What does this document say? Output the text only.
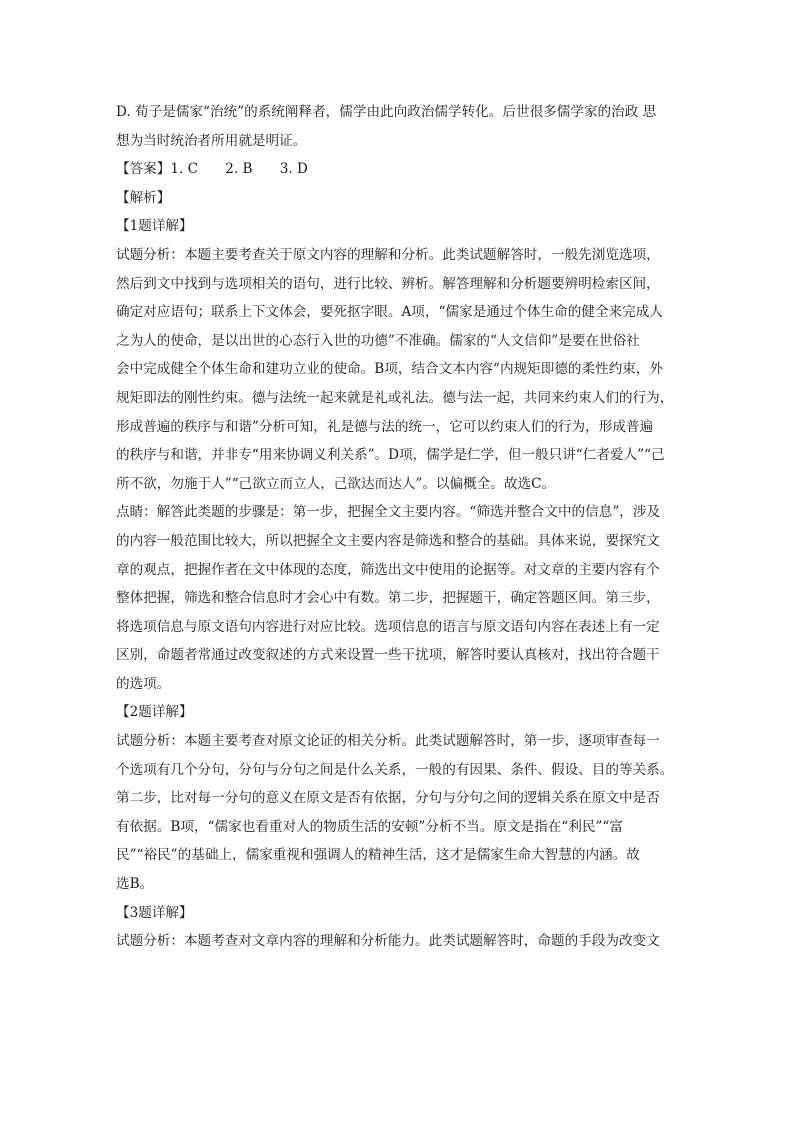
D. 荀子是儒家“治统”的系统阐释者，儒学由此向政治儒学转化。后世很多儒学家的治政 思

想为当时统治者所用就是明证。

【答案】1. C　　2. B　　3. D

【解析】

【1题详解】

试题分析：本题主要考查关于原文内容的理解和分析。此类试题解答时，一般先浏览选项，

然后到文中找到与选项相关的语句，进行比较、辨析。解答理解和分析题要辨明检索区间，

确定对应语句；联系上下文体会，要死抠字眼。A项，“儒家是通过个体生命的健全来完成人

之为人的使命，是以出世的心态行入世的功德”不准确。儒家的“人文信仰”是要在世俗社

会中完成健全个体生命和建功立业的使命。B项，结合文本内容“内规矩即德的柔性约束，外

规矩即法的刚性约束。德与法统一起来就是礼或礼法。德与法一起，共同来约束人们的行为，

形成普遍的秩序与和谐”分析可知，礼是德与法的统一，它可以约束人们的行为，形成普遍

的秩序与和谐，并非专“用来协调义利关系”。D项，儒学是仁学，但一般只讲“仁者爱人”“己

所不欲，勿施于人”“己欲立而立人，己欲达而达人”。以偏概全。故选C。

点睛：解答此类题的步骤是：第一步，把握全文主要内容。“筛选并整合文中的信息”，涉及

的内容一般范围比较大，所以把握全文主要内容是筛选和整合的基础。具体来说，要探究文

章的观点，把握作者在文中体现的态度，筛选出文中使用的论据等。对文章的主要内容有个

整体把握，筛选和整合信息时才会心中有数。第二步，把握题干，确定答题区间。第三步，

将选项信息与原文语句内容进行对应比较。选项信息的语言与原文语句内容在表述上有一定

区别，命题者常通过改变叙述的方式来设置一些干扰项，解答时要认真核对，找出符合题干

的选项。

【2题详解】

试题分析：本题主要考查对原文论证的相关分析。此类试题解答时，第一步，逐项审查每一

个选项有几个分句，分句与分句之间是什么关系，一般的有因果、条件、假设、目的等关系。

第二步，比对每一分句的意义在原文是否有依据，分句与分句之间的逻辑关系在原文中是否

有依据。B项，“儒家也看重对人的物质生活的安顿”分析不当。原文是指在“利民”“富

民”“裕民”的基础上，儒家重视和强调人的精神生活，这才是儒家生命大智慧的内涵。故

选B。

【3题详解】

试题分析：本题考查对文章内容的理解和分析能力。此类试题解答时，命题的手段为改变文
